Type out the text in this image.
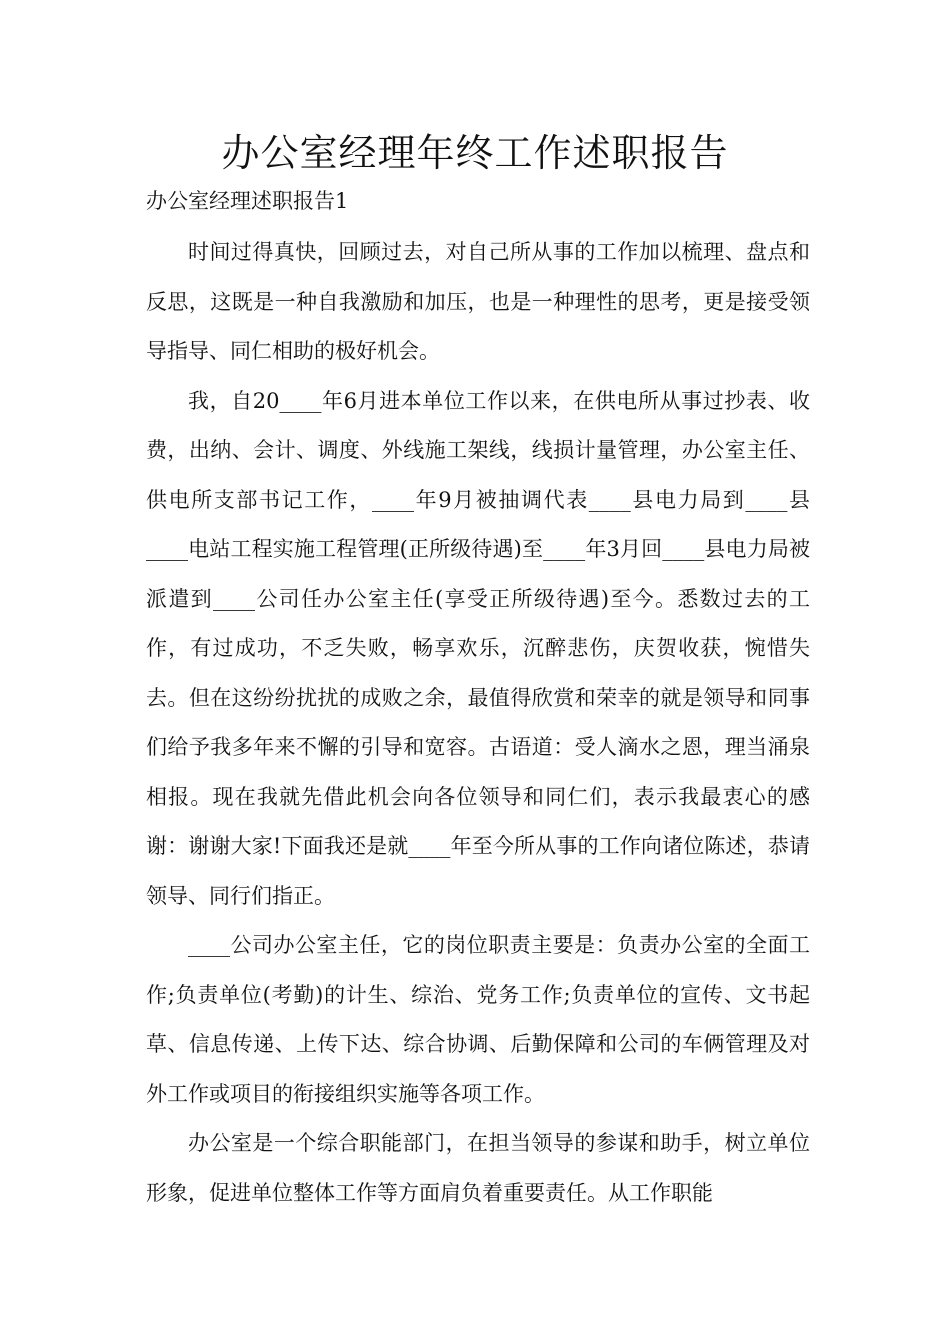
办公室经理年终工作述职报告

办公室经理述职报告1

时间过得真快，回顾过去，对自己所从事的工作加以梳理、盘点和反思，这既是一种自我激励和加压，也是一种理性的思考，更是接受领导指导、同仁相助的极好机会。

我，自20____年6月进本单位工作以来，在供电所从事过抄表、收费，出纳、会计、调度、外线施工架线，线损计量管理，办公室主任、供电所支部书记工作，____年9月被抽调代表____县电力局到____县____电站工程实施工程管理(正所级待遇)至____年3月回____县电力局被派遣到____公司任办公室主任(享受正所级待遇)至今。悉数过去的工作，有过成功，不乏失败，畅享欢乐，沉醉悲伤，庆贺收获，惋惜失去。但在这纷纷扰扰的成败之余，最值得欣赏和荣幸的就是领导和同事们给予我多年来不懈的引导和宽容。古语道：受人滴水之恩，理当涌泉相报。现在我就先借此机会向各位领导和同仁们，表示我最衷心的感谢：谢谢大家!下面我还是就____年至今所从事的工作向诸位陈述，恭请领导、同行们指正。

____公司办公室主任，它的岗位职责主要是：负责办公室的全面工作;负责单位(考勤)的计生、综治、党务工作;负责单位的宣传、文书起草、信息传递、上传下达、综合协调、后勤保障和公司的车俩管理及对外工作或项目的衔接组织实施等各项工作。

办公室是一个综合职能部门，在担当领导的参谋和助手，树立单位形象，促进单位整体工作等方面肩负着重要责任。从工作职能
